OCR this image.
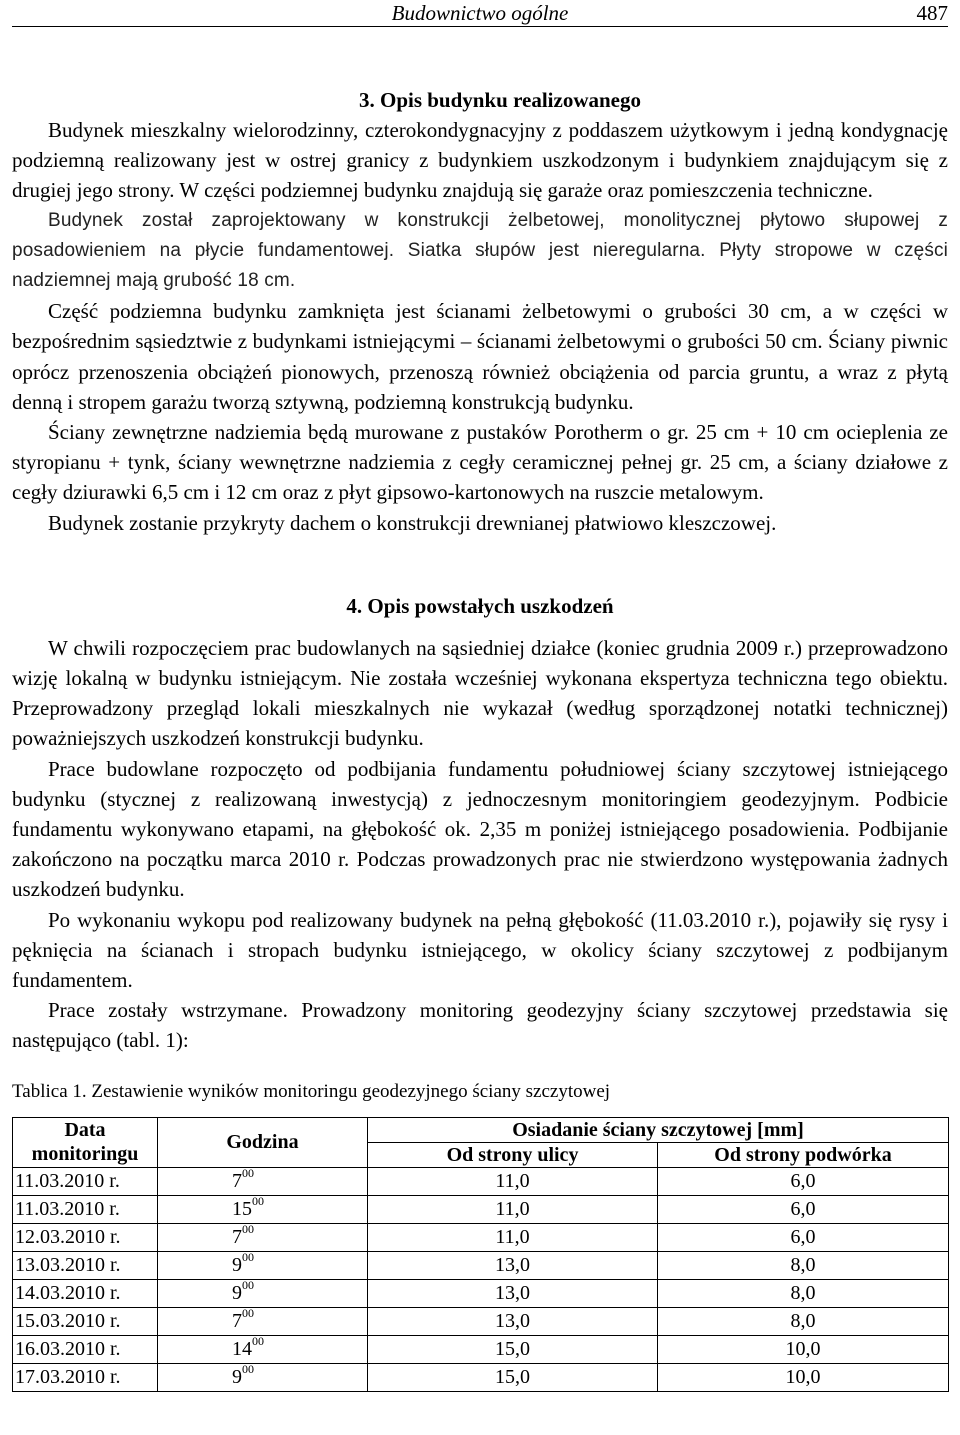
Budownictwo ogólne	487
3. Opis budynku realizowanego

Budynek mieszkalny wielorodzinny, czterokondygnacyjny z poddaszem użytkowym i jedną kondygnację podziemną realizowany jest w ostrej granicy z budynkiem uszkodzonym i budynkiem znajdującym się z drugiej jego strony. W części podziemnej budynku znajdują się garaże oraz pomieszczenia techniczne.

Budynek został zaprojektowany w konstrukcji żelbetowej, monolitycznej płytowo słupowej z posadowieniem na płycie fundamentowej. Siatka słupów jest nieregularna. Płyty stropowe w części nadziemnej mają grubość 18 cm.

Część podziemna budynku zamknięta jest ścianami żelbetowymi o grubości 30 cm, a w części w bezpośrednim sąsiedztwie z budynkami istniejącymi – ścianami żelbetowymi o grubości 50 cm. Ściany piwnic oprócz przenoszenia obciążeń pionowych, przenoszą również obciążenia od parcia gruntu, a wraz z płytą denną i stropem garażu tworzą sztywną, podziemną konstrukcją budynku.

Ściany zewnętrzne nadziemia będą murowane z pustaków Porotherm o gr. 25 cm + 10 cm ocieplenia ze styropianu + tynk, ściany wewnętrzne nadziemia z cegły ceramicznej pełnej gr. 25 cm, a ściany działowe z cegły dziurawki 6,5 cm i 12 cm oraz z płyt gipsowo-kartonowych na ruszcie metalowym.

Budynek zostanie przykryty dachem o konstrukcji drewnianej płatwiowo kleszczowej.

4. Opis powstałych uszkodzeń

W chwili rozpoczęciem prac budowlanych na sąsiedniej działce (koniec grudnia 2009 r.) przeprowadzono wizję lokalną w budynku istniejącym. Nie została wcześniej wykonana ekspertyza techniczna tego obiektu. Przeprowadzony przegląd lokali mieszkalnych nie wykazał (według sporządzonej notatki technicznej) poważniejszych uszkodzeń konstrukcji budynku.

Prace budowlane rozpoczęto od podbijania fundamentu południowej ściany szczytowej istniejącego budynku (stycznej z realizowaną inwestycją) z jednoczesnym monitoringiem geodezyjnym. Podbicie fundamentu wykonywano etapami, na głębokość ok. 2,35 m poniżej istniejącego posadowienia. Podbijanie zakończono na początku marca 2010 r. Podczas prowadzonych prac nie stwierdzono występowania żadnych uszkodzeń budynku.

Po wykonaniu wykopu pod realizowany budynek na pełną głębokość (11.03.2010 r.), pojawiły się rysy i pęknięcia na ścianach i stropach budynku istniejącego, w okolicy ściany szczytowej z podbijanym fundamentem.

Prace zostały wstrzymane. Prowadzony monitoring geodezyjny ściany szczytowej przedstawia się następująco (tabl. 1):

Tablica 1. Zestawienie wyników monitoringu geodezyjnego ściany szczytowej

Data
monitoringu	Godzina	Osiadanie ściany szczytowej [mm]	
		Od strony ulicy	Od strony podwórka
11.03.2010 r.	$7^{00}$	11,0	6,0
11.03.2010 r.	$15^{00}$	11,0	6,0
12.03.2010 r.	$7^{00}$	11,0	6,0
13.03.2010 r.	$9^{00}$	13,0	8,0
14.03.2010 r.	$9^{00}$	13,0	8,0
15.03.2010 r.	$7^{00}$	13,0	8,0
16.03.2010 r.	$14^{00}$	15,0	10,0
17.03.2010 r.	$9^{00}$	15,0	10,0
